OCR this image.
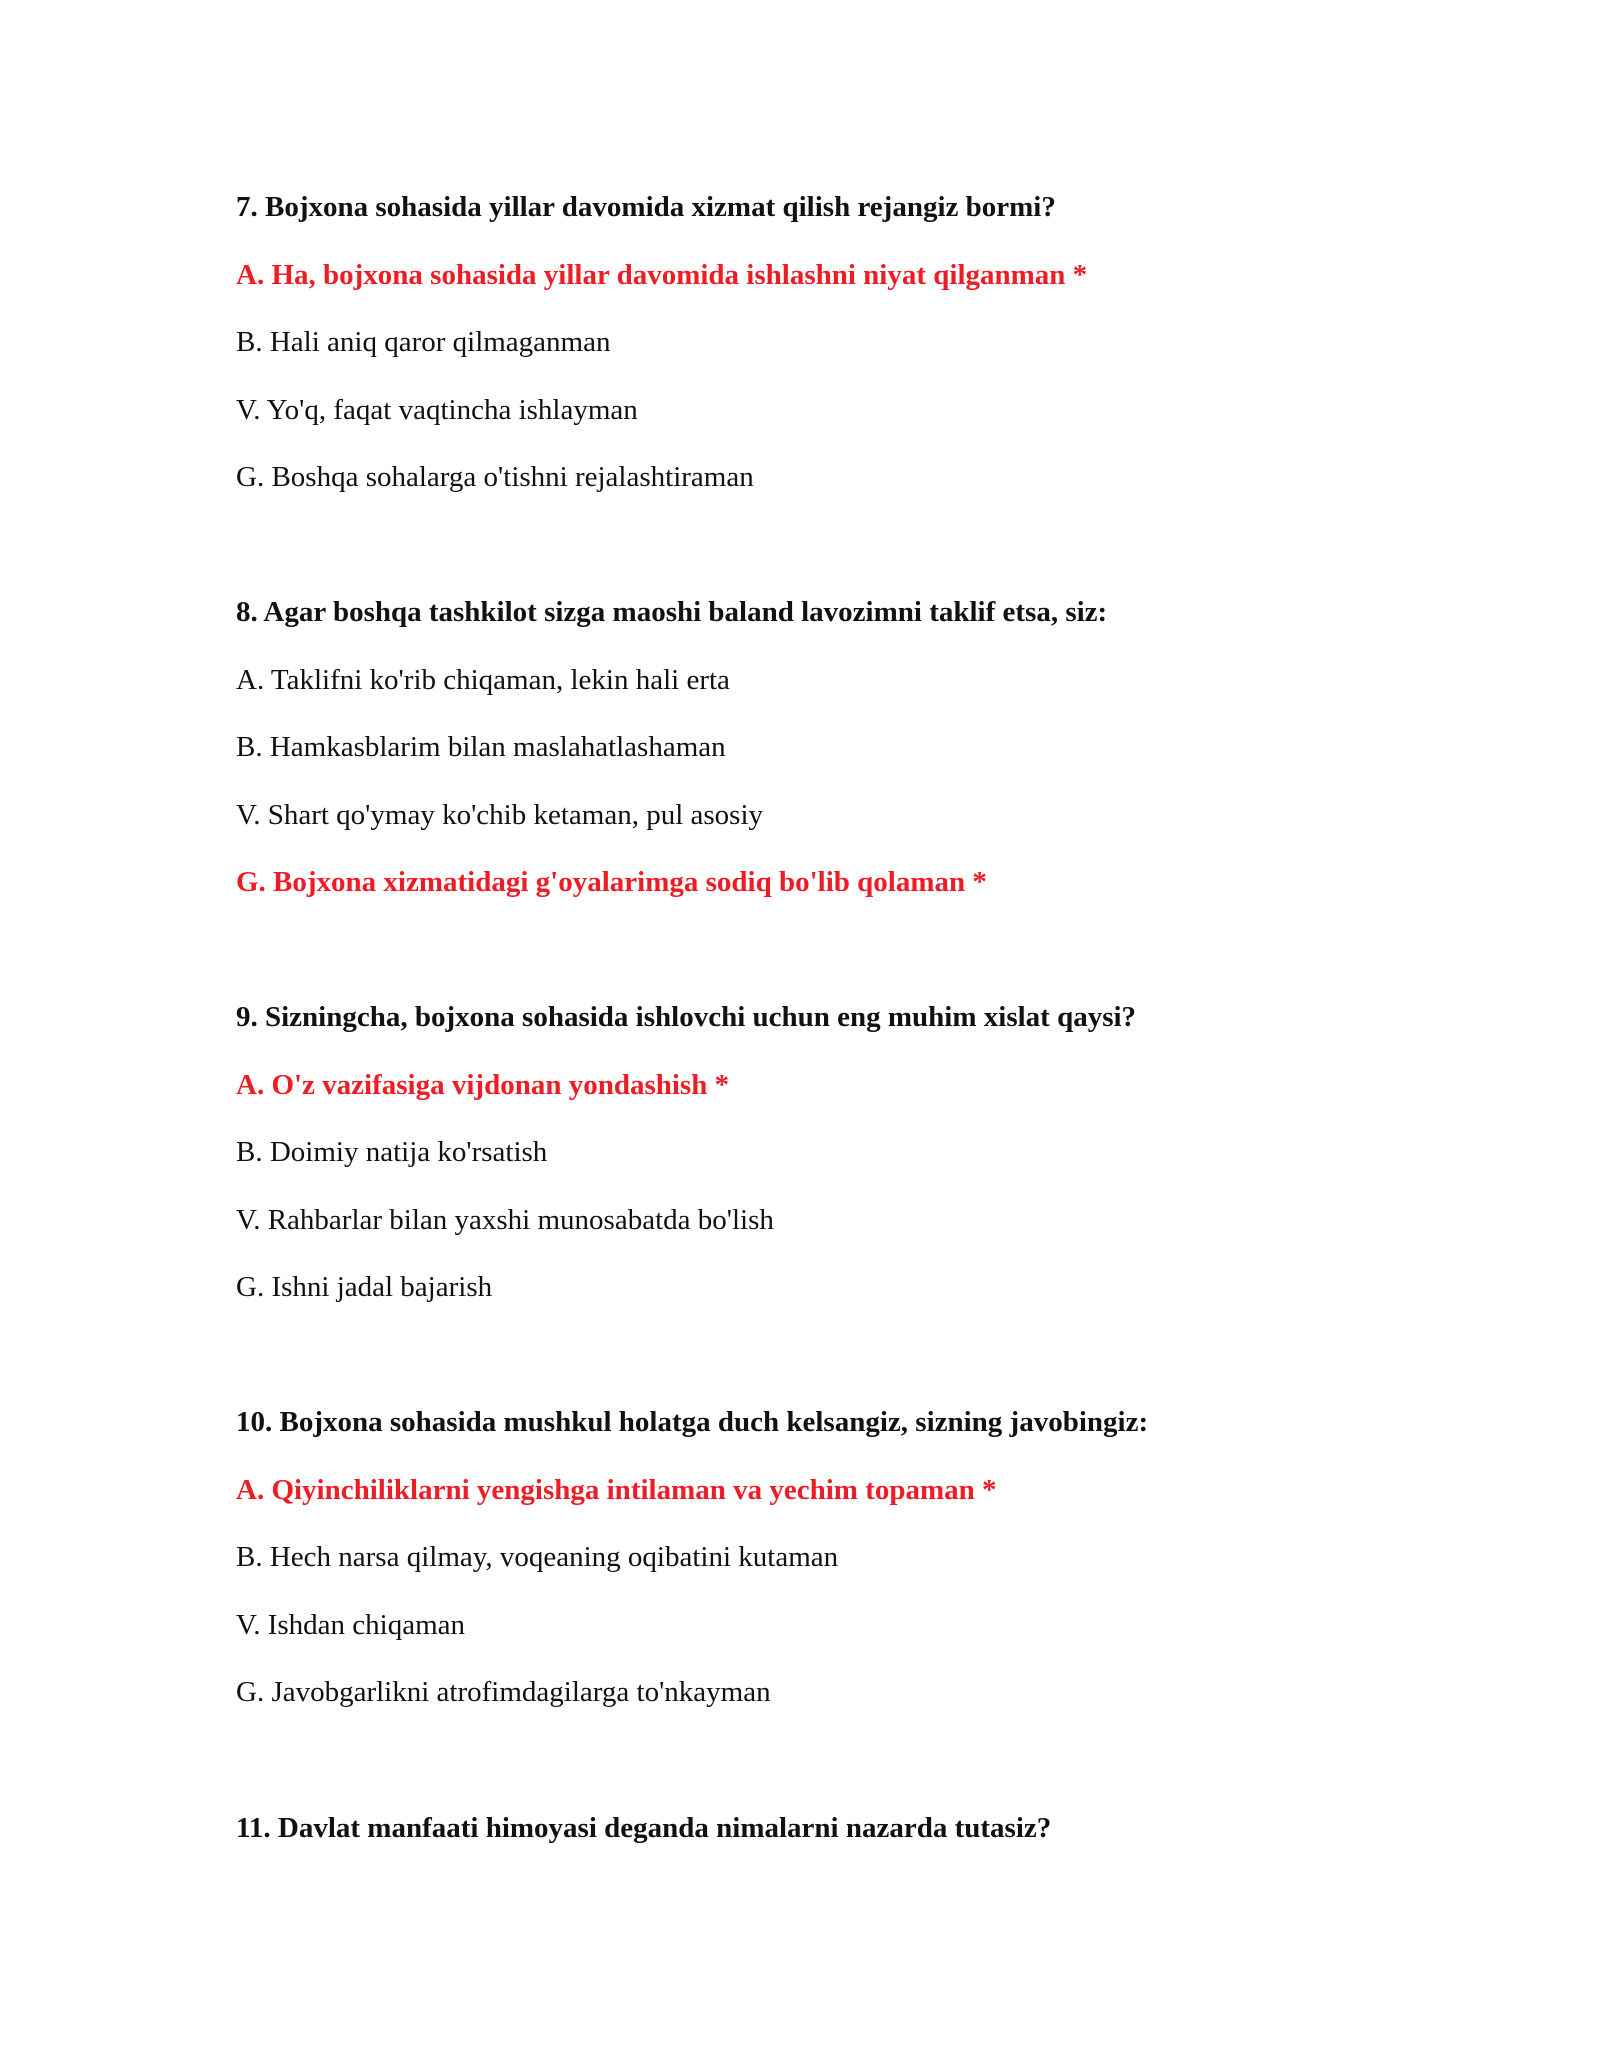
7. Bojxona sohasida yillar davomida xizmat qilish rejangiz bormi?
A. Ha, bojxona sohasida yillar davomida ishlashni niyat qilganman *
B. Hali aniq qaror qilmaganman
V. Yo'q, faqat vaqtincha ishlayman
G. Boshqa sohalarga o'tishni rejalashtiraman
8. Agar boshqa tashkilot sizga maoshi baland lavozimni taklif etsa, siz:
A. Taklifni ko'rib chiqaman, lekin hali erta
B. Hamkasblarim bilan maslahatlashaman
V. Shart qo'ymay ko'chib ketaman, pul asosiy
G. Bojxona xizmatidagi g'oyalarimga sodiq bo'lib qolaman *
9. Sizningcha, bojxona sohasida ishlovchi uchun eng muhim xislat qaysi?
A. O'z vazifasiga vijdonan yondashish *
B. Doimiy natija ko'rsatish
V. Rahbarlar bilan yaxshi munosabatda bo'lish
G. Ishni jadal bajarish
10. Bojxona sohasida mushkul holatga duch kelsangiz, sizning javobingiz:
A. Qiyinchiliklarni yengishga intilaman va yechim topaman *
B. Hech narsa qilmay, voqeaning oqibatini kutaman
V. Ishdan chiqaman
G. Javobgarlikni atrofimdagilarga to'nkayman
11. Davlat manfaati himoyasi deganda nimalarni nazarda tutasiz?
